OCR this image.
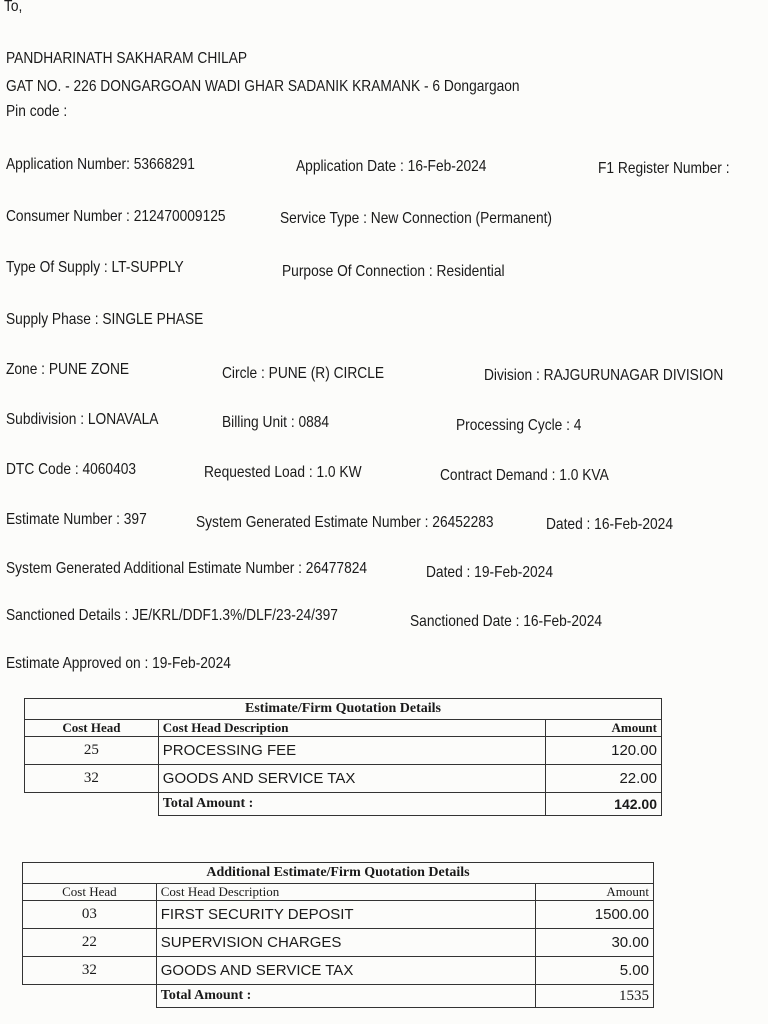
To,
PANDHARINATH SAKHARAM CHILAP
GAT NO. - 226 DONGARGOAN WADI GHAR SADANIK KRAMANK - 6 Dongargaon
Pin code :
Application Number: 53668291	Application Date : 16-Feb-2024	F1 Register Number :
Consumer Number : 212470009125	Service Type : New Connection (Permanent)
Type Of Supply : LT-SUPPLY	Purpose Of Connection : Residential
Supply Phase : SINGLE PHASE
Zone : PUNE ZONE	Circle : PUNE (R) CIRCLE	Division : RAJGURUNAGAR DIVISION
Subdivision : LONAVALA	Billing Unit : 0884	Processing Cycle : 4
DTC Code : 4060403	Requested Load : 1.0 KW	Contract Demand : 1.0 KVA
Estimate Number : 397	System Generated Estimate Number : 26452283	Dated : 16-Feb-2024
System Generated Additional Estimate Number : 26477824	Dated : 19-Feb-2024
Sanctioned Details : JE/KRL/DDF1.3%/DLF/23-24/397	Sanctioned Date : 16-Feb-2024
Estimate Approved on : 19-Feb-2024
Estimate/Firm Quotation Details		
Cost Head	Cost Head Description	Amount
25	PROCESSING FEE	120.00
32	GOODS AND SERVICE TAX	22.00
	Total Amount :	142.00
Additional Estimate/Firm Quotation Details		
Cost Head	Cost Head Description	Amount
03	FIRST SECURITY DEPOSIT	1500.00
22	SUPERVISION CHARGES	30.00
32	GOODS AND SERVICE TAX	5.00
	Total Amount :	1535
